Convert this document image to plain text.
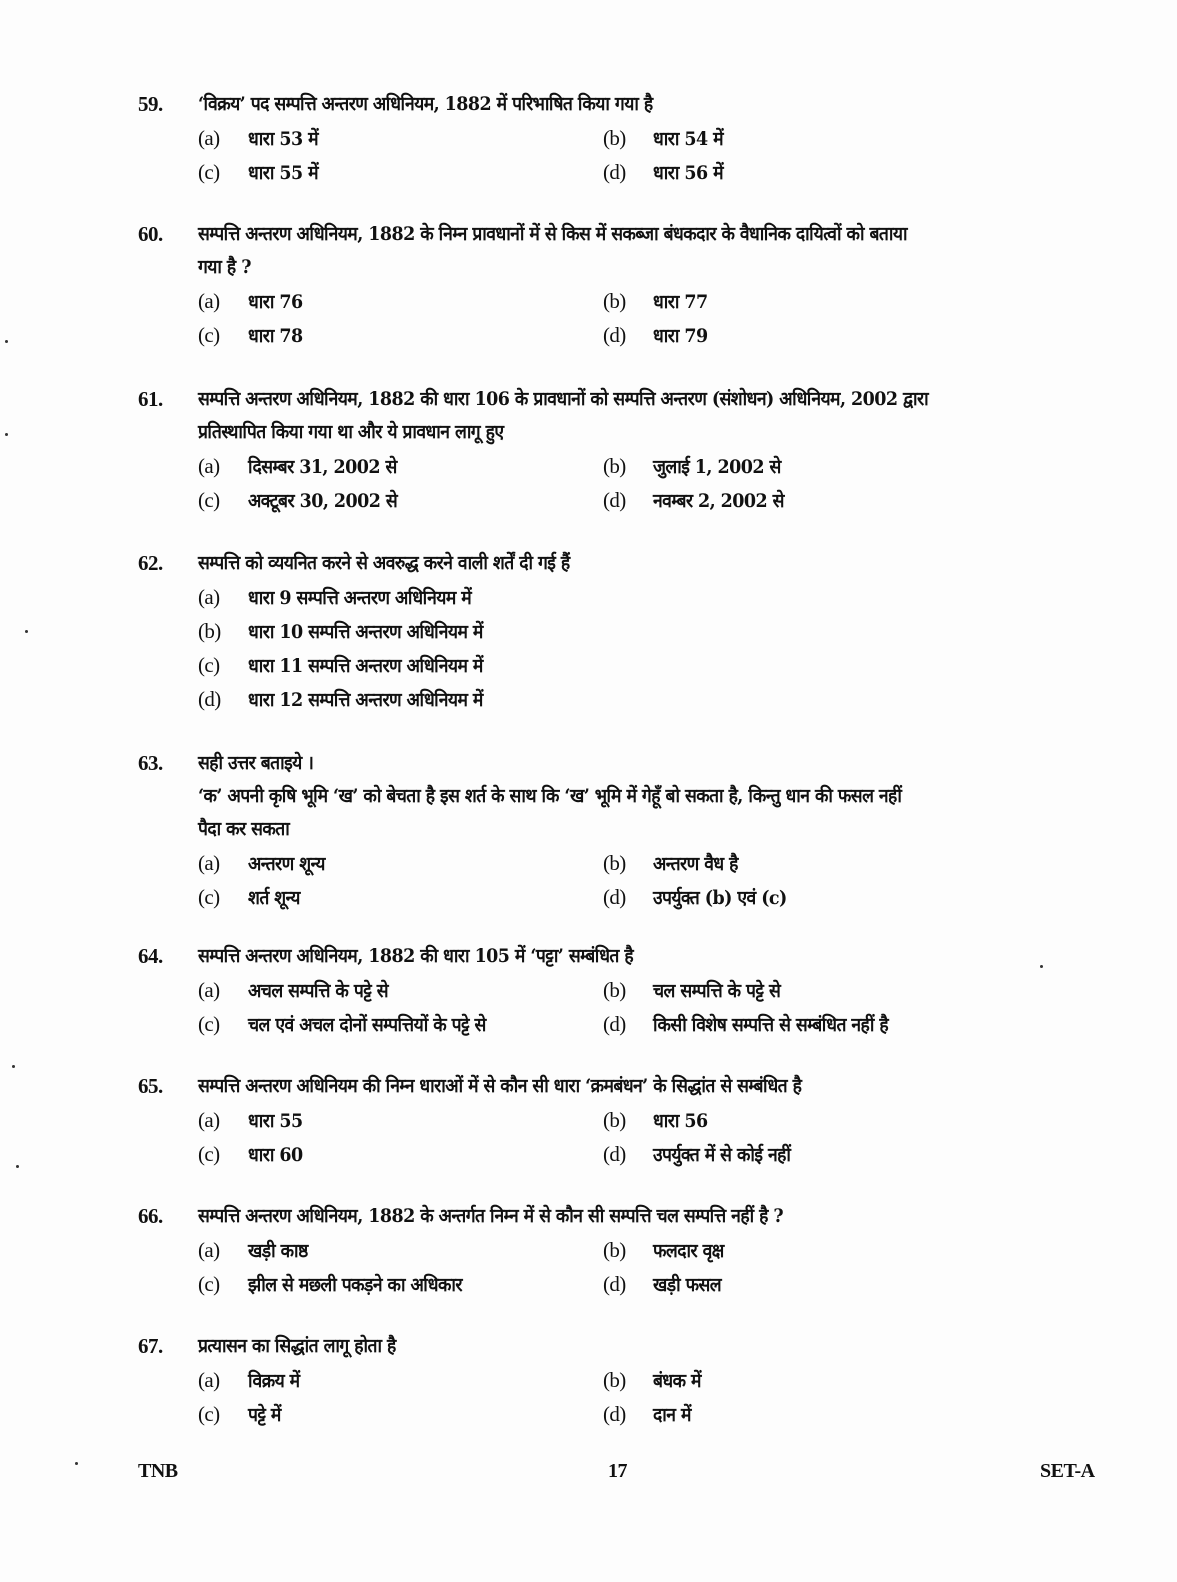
59. ‘विक्रय’ पद सम्पत्ति अन्तरण अधिनियम, 1882 में परिभाषित किया गया है
(a)	धारा 53 में	(b)	धारा 54 में
(c)	धारा 55 में	(d)	धारा 56 में
60. सम्पत्ति अन्तरण अधिनियम, 1882 के निम्न प्रावधानों में से किस में सकब्जा बंधकदार के वैधानिक दायित्वों को बताया
गया है ?
(a)	धारा 76	(b)	धारा 77
(c)	धारा 78	(d)	धारा 79
61. सम्पत्ति अन्तरण अधिनियम, 1882 की धारा 106 के प्रावधानों को सम्पत्ति अन्तरण (संशोधन) अधिनियम, 2002 द्वारा
प्रतिस्थापित किया गया था और ये प्रावधान लागू हुए
(a)	दिसम्बर 31, 2002 से	(b)	जुलाई 1, 2002 से
(c)	अक्टूबर 30, 2002 से	(d)	नवम्बर 2, 2002 से
62. सम्पत्ति को व्ययनित करने से अवरुद्ध करने वाली शर्तें दी गई हैं
(a)	धारा 9 सम्पत्ति अन्तरण अधिनियम में
(b)	धारा 10 सम्पत्ति अन्तरण अधिनियम में
(c)	धारा 11 सम्पत्ति अन्तरण अधिनियम में
(d)	धारा 12 सम्पत्ति अन्तरण अधिनियम में
63. सही उत्तर बताइये ।
‘क’ अपनी कृषि भूमि ‘ख’ को बेचता है इस शर्त के साथ कि ‘ख’ भूमि में गेहूँ बो सकता है, किन्तु धान की फसल नहीं
पैदा कर सकता
(a)	अन्तरण शून्य	(b)	अन्तरण वैध है
(c)	शर्त शून्य	(d)	उपर्युक्त (b) एवं (c)
64. सम्पत्ति अन्तरण अधिनियम, 1882 की धारा 105 में ‘पट्टा’ सम्बंधित है
(a)	अचल सम्पत्ति के पट्टे से	(b)	चल सम्पत्ति के पट्टे से
(c)	चल एवं अचल दोनों सम्पत्तियों के पट्टे से	(d)	किसी विशेष सम्पत्ति से सम्बंधित नहीं है
65. सम्पत्ति अन्तरण अधिनियम की निम्न धाराओं में से कौन सी धारा ‘क्रमबंधन’ के सिद्धांत से सम्बंधित है
(a)	धारा 55	(b)	धारा 56
(c)	धारा 60	(d)	उपर्युक्त में से कोई नहीं
66. सम्पत्ति अन्तरण अधिनियम, 1882 के अन्तर्गत निम्न में से कौन सी सम्पत्ति चल सम्पत्ति नहीं है ?
(a)	खड़ी काष्ठ	(b)	फलदार वृक्ष
(c)	झील से मछली पकड़ने का अधिकार	(d)	खड़ी फसल
67. प्रत्यासन का सिद्धांत लागू होता है
(a)	विक्रय में	(b)	बंधक में
(c)	पट्टे में	(d)	दान में
TNB	17	SET-A
